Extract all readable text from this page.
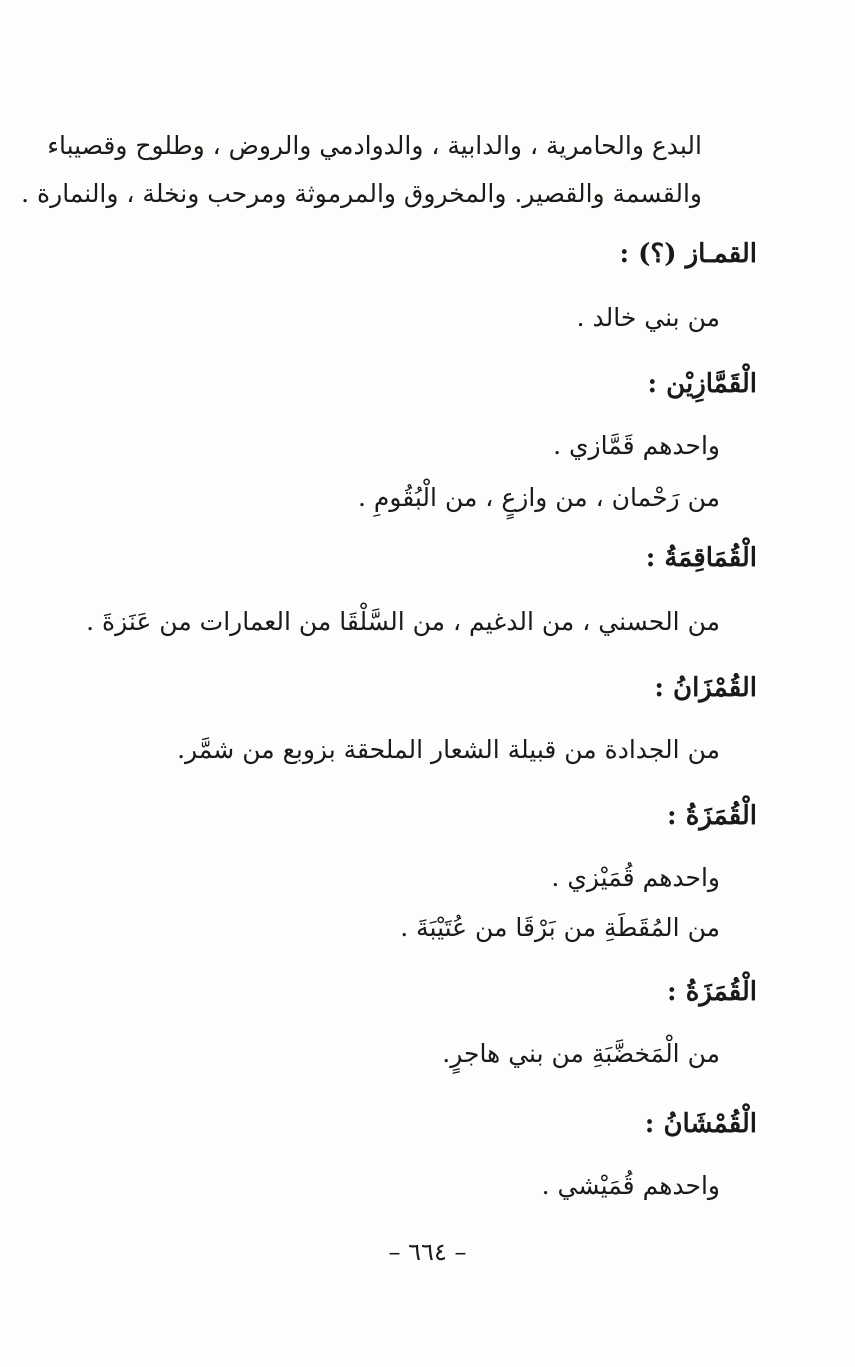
البدع والحامرية ، والدابية ، والدوادمي والروض ، وطلوح وقصيباء

والقسمة والقصير. والمخروق والمرموثة ومرحب ونخلة ، والنمارة .

القمـاز (؟) :

من بني خالد .

الْقَمَّازِيْن :

واحدهم قَمَّازي .

من رَحْمان ، من وازعٍ ، من الْبُقُومِ .

الْقُمَاقِمَةُ :

من الحسني ، من الدغيم ، من السَّلْقَا من العمارات من عَنَزةَ .

القُمْزَانُ :

من الجدادة من قبيلة الشعار الملحقة بزوبع من شمَّر.

الْقُمَزَةُ :

واحدهم قُمَيْزي .

من المُقَطَةِ من بَرْقَا من عُتَيْبَةَ .

الْقُمَزَةُ :

من الْمَخضَّبَةِ من بني هاجرٍ.

الْقُمْشَانُ :

واحدهم قُمَيْشي .

– ٦٦٤ –
